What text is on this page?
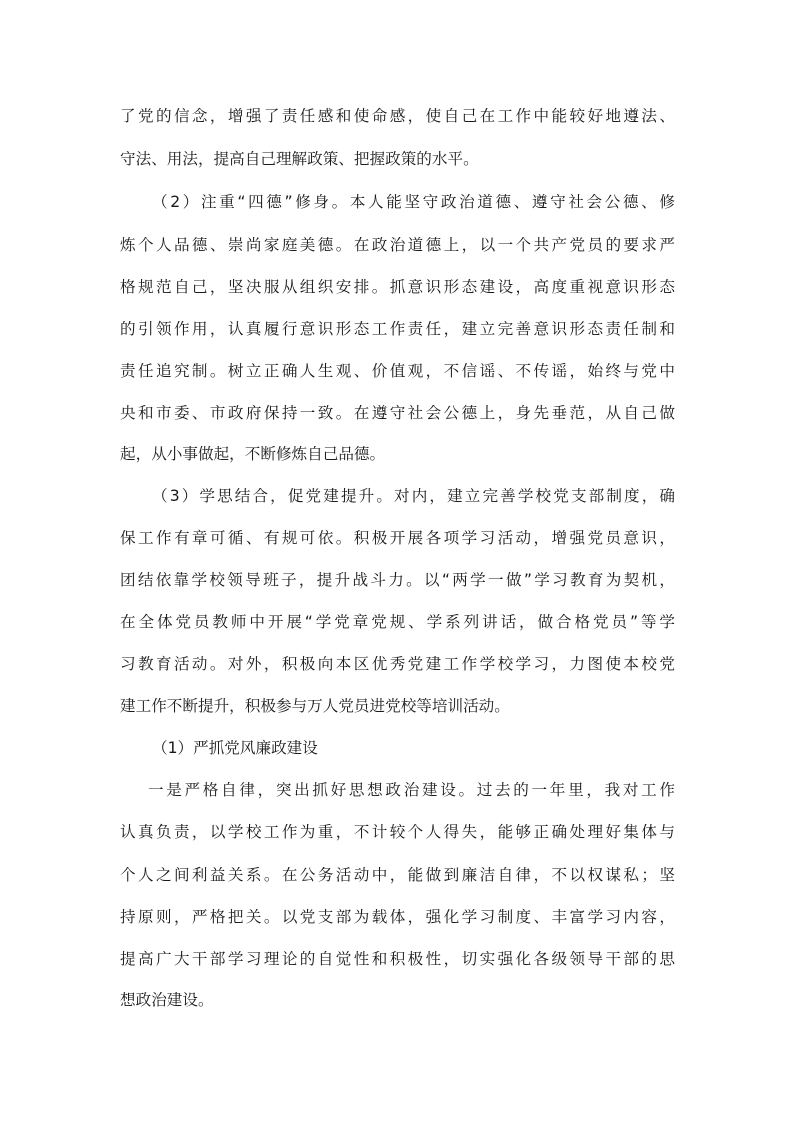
了党的信念，增强了责任感和使命感，使自己在工作中能较好地遵法、
守法、用法，提高自己理解政策、把握政策的水平。
（2）注重“四德”修身。本人能坚守政治道德、遵守社会公德、修
炼个人品德、崇尚家庭美德。在政治道德上，以一个共产党员的要求严
格规范自己，坚决服从组织安排。抓意识形态建设，高度重视意识形态
的引领作用，认真履行意识形态工作责任，建立完善意识形态责任制和
责任追究制。树立正确人生观、价值观，不信谣、不传谣，始终与党中
央和市委、市政府保持一致。在遵守社会公德上，身先垂范，从自己做
起，从小事做起，不断修炼自己品德。
（3）学思结合，促党建提升。对内，建立完善学校党支部制度，确
保工作有章可循、有规可依。积极开展各项学习活动，增强党员意识，
团结依靠学校领导班子，提升战斗力。以“两学一做”学习教育为契机，
在全体党员教师中开展“学党章党规、学系列讲话，做合格党员”等学
习教育活动。对外，积极向本区优秀党建工作学校学习，力图使本校党
建工作不断提升，积极参与万人党员进党校等培训活动。
（1）严抓党风廉政建设
一是严格自律，突出抓好思想政治建设。过去的一年里，我对工作
认真负责，以学校工作为重，不计较个人得失，能够正确处理好集体与
个人之间利益关系。在公务活动中，能做到廉洁自律，不以权谋私；坚
持原则，严格把关。以党支部为载体，强化学习制度、丰富学习内容，
提高广大干部学习理论的自觉性和积极性，切实强化各级领导干部的思
想政治建设。
